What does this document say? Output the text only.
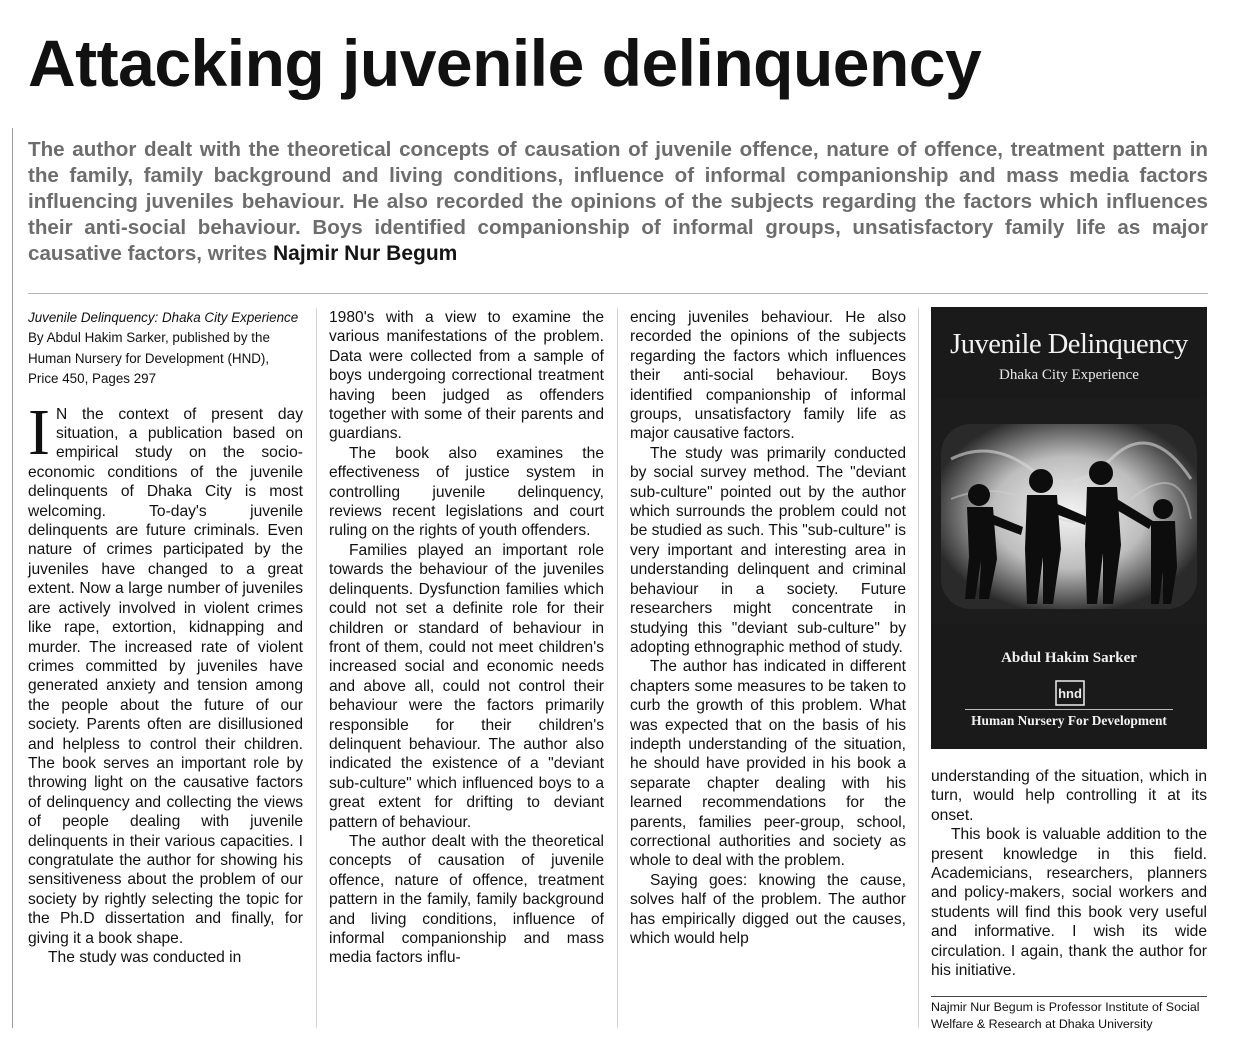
Attacking juvenile delinquency
The author dealt with the theoretical concepts of causation of juvenile offence, nature of offence, treatment pattern in the family, family background and living conditions, influence of informal companionship and mass media factors influencing juveniles behaviour. He also recorded the opinions of the subjects regarding the factors which influences their anti-social behaviour. Boys identified companionship of informal groups, unsatisfactory family life as major causative factors, writes Najmir Nur Begum
Juvenile Delinquency: Dhaka City Experience
By Abdul Hakim Sarker, published by the Human Nursery for Development (HND), Price 450, Pages 297

I N the context of present day situation, a publication based on empirical study on the socio-economic conditions of the juvenile delinquents of Dhaka City is most welcoming. To-day's juvenile delinquents are future criminals. Even nature of crimes participated by the juveniles have changed to a great extent. Now a large number of juveniles are actively involved in violent crimes like rape, extortion, kidnapping and murder. The increased rate of violent crimes committed by juveniles have generated anxiety and tension among the people about the future of our society. Parents often are disillusioned and helpless to control their children. The book serves an important role by throwing light on the causative factors of delinquency and collecting the views of people dealing with juvenile delinquents in their various capacities. I congratulate the author for showing his sensitiveness about the problem of our society by rightly selecting the topic for the Ph.D dissertation and finally, for giving it a book shape.

The study was conducted in

1980's with a view to examine the various manifestations of the problem. Data were collected from a sample of boys undergoing correctional treatment having been judged as offenders together with some of their parents and guardians.

The book also examines the effectiveness of justice system in controlling juvenile delinquency, reviews recent legislations and court ruling on the rights of youth offenders.

Families played an important role towards the behaviour of the juveniles delinquents. Dysfunction families which could not set a definite role for their children or standard of behaviour in front of them, could not meet children's increased social and economic needs and above all, could not control their behaviour were the factors primarily responsible for their children's delinquent behaviour. The author also indicated the existence of a "deviant sub-culture" which influenced boys to a great extent for drifting to deviant pattern of behaviour.

The author dealt with the theoretical concepts of causation of juvenile offence, nature of offence, treatment pattern in the family, family background and living conditions, influence of informal companionship and mass media factors influ-

encing juveniles behaviour. He also recorded the opinions of the subjects regarding the factors which influences their anti-social behaviour. Boys identified companionship of informal groups, unsatisfactory family life as major causative factors.

The study was primarily conducted by social survey method. The "deviant sub-culture" pointed out by the author which surrounds the problem could not be studied as such. This "sub-culture" is very important and interesting area in understanding delinquent and criminal behaviour in a society. Future researchers might concentrate in studying this "deviant sub-culture" by adopting ethnographic method of study.

The author has indicated in different chapters some measures to be taken to curb the growth of this problem. What was expected that on the basis of his indepth understanding of the situation, he should have provided in his book a separate chapter dealing with his learned recommendations for the parents, families peer-group, school, correctional authorities and society as whole to deal with the problem.

Saying goes: knowing the cause, solves half of the problem. The author has empirically digged out the causes, which would help

Juvenile Delinquency
Dhaka City Experience
Abdul Hakim Sarker
hnd
Human Nursery For Development

understanding of the situation, which in turn, would help controlling it at its onset.

This book is valuable addition to the present knowledge in this field. Academicians, researchers, planners and policy-makers, social workers and students will find this book very useful and informative. I wish its wide circulation. I again, thank the author for his initiative.

Najmir Nur Begum is Professor Institute of Social Welfare & Research at Dhaka University
